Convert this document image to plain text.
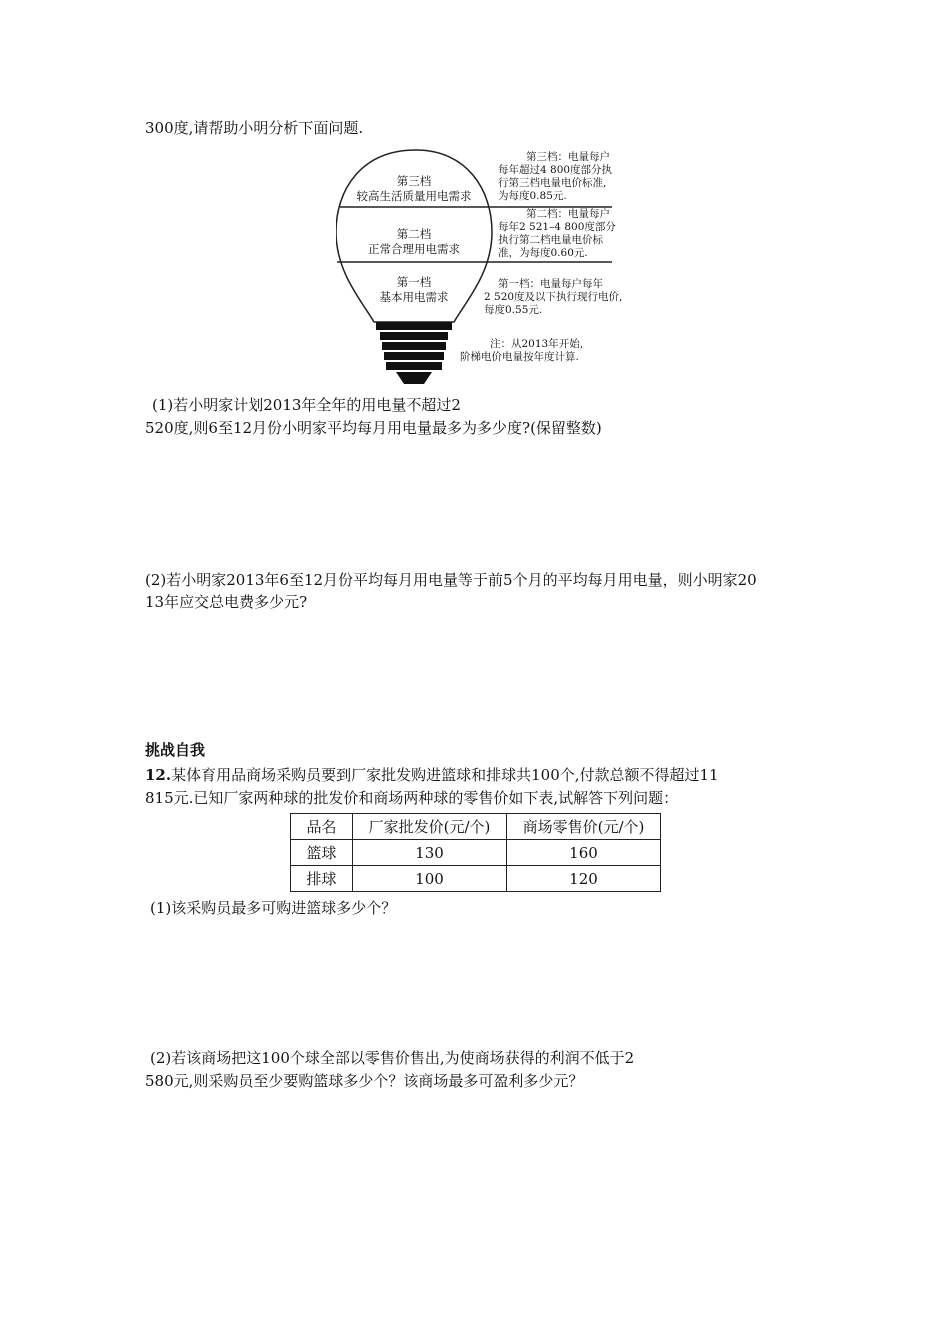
300度,请帮助小明分析下面问题.
第三档
较高生活质量用电需求
第二档
正常合理用电需求
第一档
基本用电需求
第三档：电量每户
每年超过4 800度部分执
行第三档电量电价标准,
为每度0.85元.
第二档：电量每户
每年2 521–4 800度部分
执行第二档电量电价标
准，为每度0.60元.
第一档：电量每户每年
2 520度及以下执行现行电价,
每度0.55元.
注：从2013年开始,
阶梯电价电量按年度计算.
(1)若小明家计划2013年全年的用电量不超过2
520度,则6至12月份小明家平均每月用电量最多为多少度?(保留整数)
(2)若小明家2013年6至12月份平均每月用电量等于前5个月的平均每月用电量，则小明家20
13年应交总电费多少元?
挑战自我
12.某体育用品商场采购员要到厂家批发购进篮球和排球共100个,付款总额不得超过11
815元.已知厂家两种球的批发价和商场两种球的零售价如下表,试解答下列问题：
品名	厂家批发价(元/个)	商场零售价(元/个)
篮球	130	160
排球	100	120
(1)该采购员最多可购进篮球多少个？
(2)若该商场把这100个球全部以零售价售出,为使商场获得的利润不低于2
580元,则采购员至少要购篮球多少个？该商场最多可盈利多少元？
